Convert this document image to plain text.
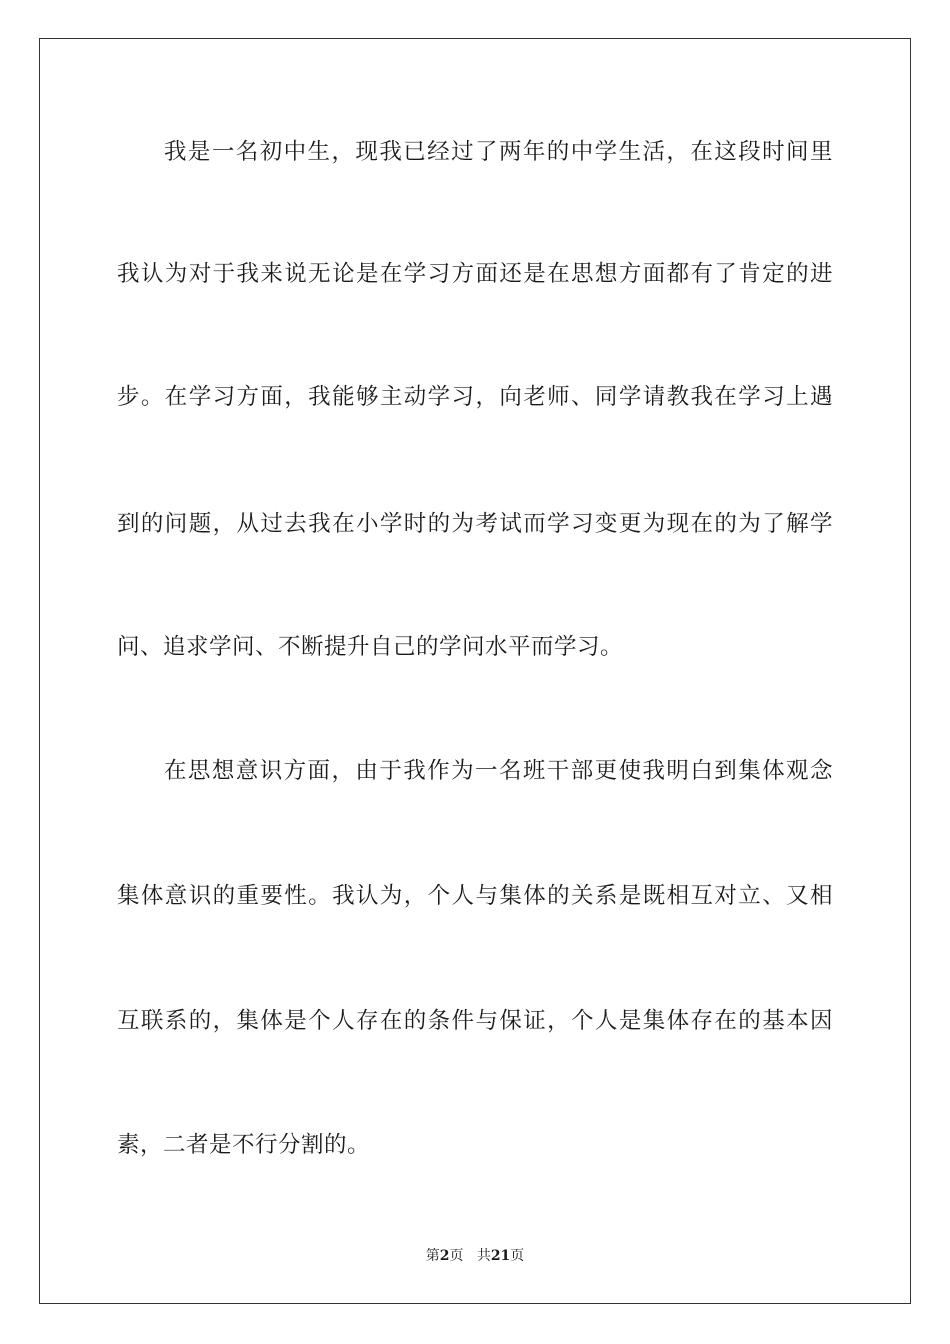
我是一名初中生，现我已经过了两年的中学生活，在这段时间里
我认为对于我来说无论是在学习方面还是在思想方面都有了肯定的进
步。在学习方面，我能够主动学习，向老师、同学请教我在学习上遇
到的问题，从过去我在小学时的为考试而学习变更为现在的为了解学
问、追求学问、不断提升自己的学问水平而学习。
在思想意识方面，由于我作为一名班干部更使我明白到集体观念
集体意识的重要性。我认为，个人与集体的关系是既相互对立、又相
互联系的，集体是个人存在的条件与保证，个人是集体存在的基本因
素，二者是不行分割的。
第2页 共21页
